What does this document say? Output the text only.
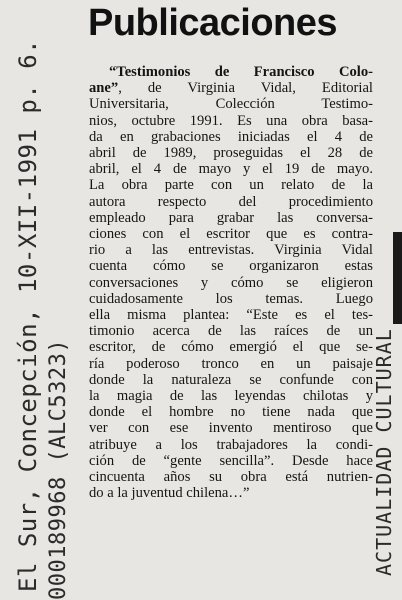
Publicaciones
“Testimonios de Francisco Colo-
ane”, de Virginia Vidal, Editorial
Universitaria, Colección Testimo-
nios, octubre 1991. Es una obra basa-
da en grabaciones iniciadas el 4 de
abril de 1989, proseguidas el 28 de
abril, el 4 de mayo y el 19 de mayo.
La obra parte con un relato de la
autora respecto del procedimiento
empleado para grabar las conversa-
ciones con el escritor que es contra-
rio a las entrevistas. Virginia Vidal
cuenta cómo se organizaron estas
conversaciones y cómo se eligieron
cuidadosamente los temas. Luego
ella misma plantea: “Este es el tes-
timonio acerca de las raíces de un
escritor, de cómo emergió el que se-
ría poderoso tronco en un paisaje
donde la naturaleza se confunde con
la magia de las leyendas chilotas y
donde el hombre no tiene nada que
ver con ese invento mentiroso que
atribuye a los trabajadores la condi-
ción de “gente sencilla”. Desde hace
cincuenta años su obra está nutrien-
do a la juventud chilena…”
El Sur, Concepción, 10-XII-1991 p. 6. 000189968 (ALC5323)	ACTUALIDAD CULTURAL
